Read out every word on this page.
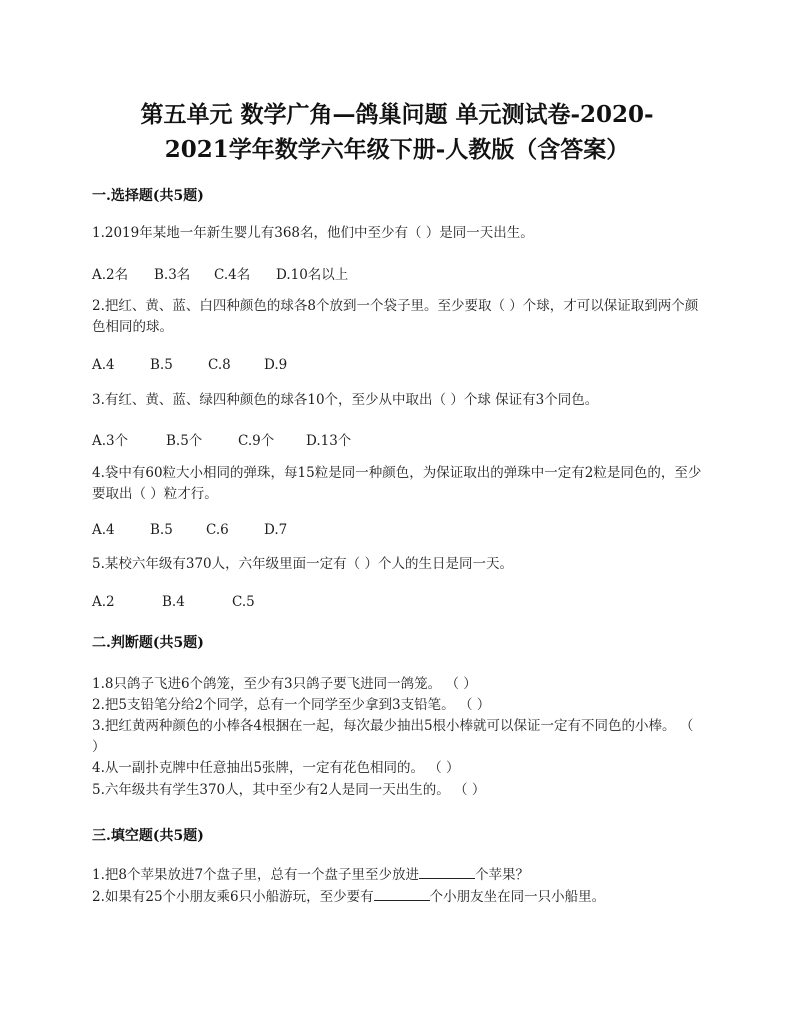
第五单元 数学广角—鸽巢问题 单元测试卷-2020-
2021学年数学六年级下册-人教版（含答案）
一.选择题(共5题)
1.2019年某地一年新生婴儿有368名，他们中至少有（ ）是同一天出生。
A.2名 B.3名 C.4名 D.10名以上
2.把红、黄、蓝、白四种颜色的球各8个放到一个袋子里。至少要取（ ）个球，才可以保证取到两个颜色相同的球。
A.4	B.5	C.8 D.9
3.有红、黄、蓝、绿四种颜色的球各10个，至少从中取出（ ）个球 保证有3个同色。
A.3个	B.5个	C.9个 D.13个
4.袋中有60粒大小相同的弹珠，每15粒是同一种颜色，为保证取出的弹珠中一定有2粒是同色的，至少要取出（ ）粒才行。
A.4	B.5 C.6	D.7
5.某校六年级有370人，六年级里面一定有（ ）个人的生日是同一天。
A.2	B.4	C.5
二.判断题(共5题)
1.8只鸽子飞进6个鸽笼，至少有3只鸽子要飞进同一鸽笼。 （ ）
2.把5支铅笔分给2个同学，总有一个同学至少拿到3支铅笔。 （ ）
3.把红黄两种颜色的小棒各4根捆在一起，每次最少抽出5根小棒就可以保证一定有不同色的小棒。 （ ）
4.从一副扑克牌中任意抽出5张牌，一定有花色相同的。 （ ）
5.六年级共有学生370人，其中至少有2人是同一天出生的。 （ ）
三.填空题(共5题)
1.把8个苹果放进7个盘子里，总有一个盘子里至少放进	个苹果？
2.如果有25个小朋友乘6只小船游玩，至少要有	个小朋友坐在同一只小船里。
